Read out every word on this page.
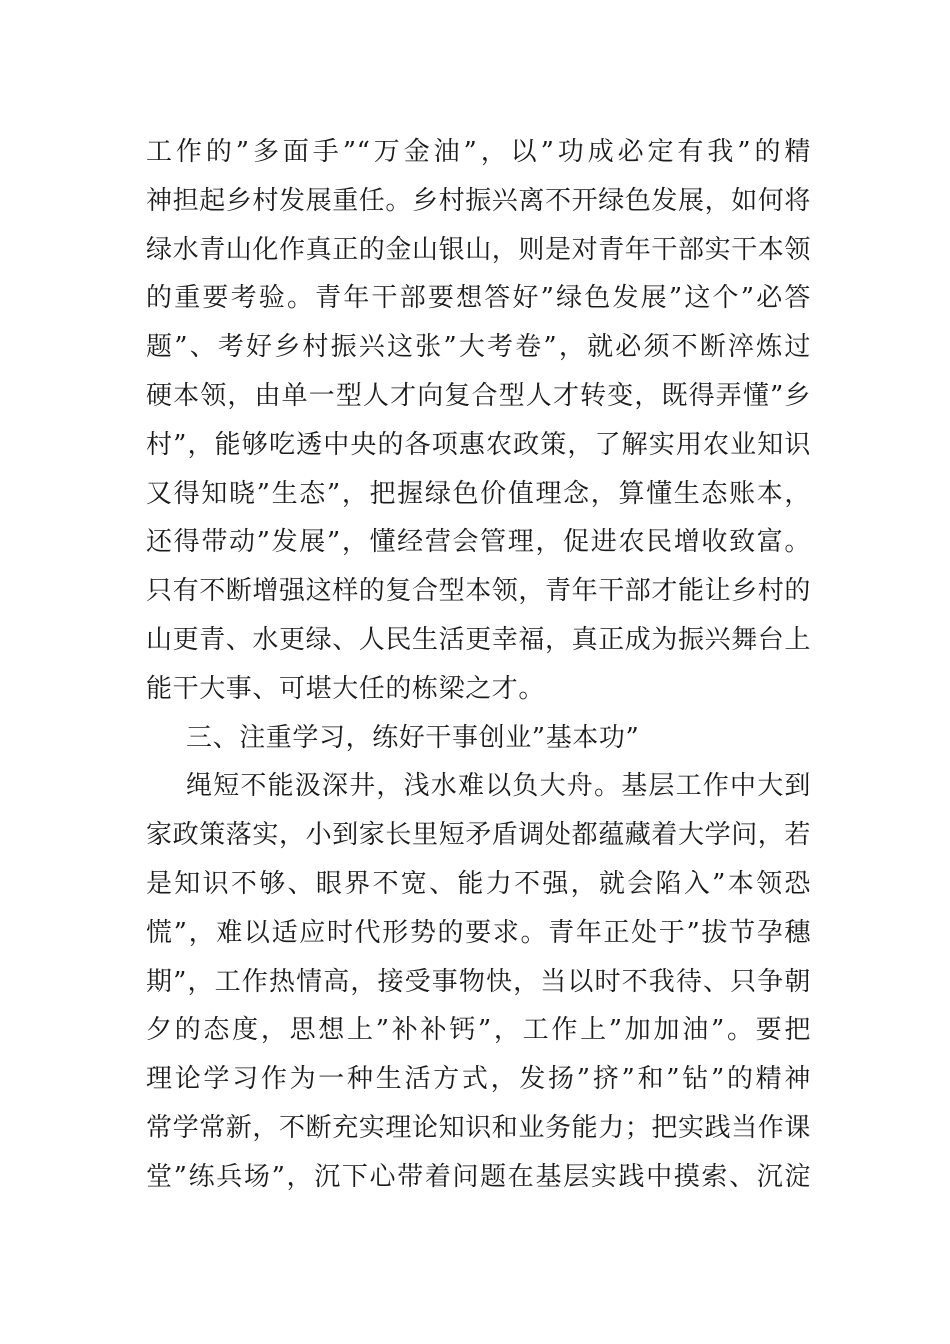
工作的”多面手”“万金油”，以”功成必定有我”的精
神担起乡村发展重任。乡村振兴离不开绿色发展，如何将
绿水青山化作真正的金山银山，则是对青年干部实干本领
的重要考验。青年干部要想答好”绿色发展”这个”必答
题”、考好乡村振兴这张”大考卷”，就必须不断淬炼过
硬本领，由单一型人才向复合型人才转变，既得弄懂”乡
村”，能够吃透中央的各项惠农政策，了解实用农业知识
又得知晓”生态”，把握绿色价值理念，算懂生态账本，
还得带动”发展”，懂经营会管理，促进农民增收致富。
只有不断增强这样的复合型本领，青年干部才能让乡村的
山更青、水更绿、人民生活更幸福，真正成为振兴舞台上
能干大事、可堪大任的栋梁之才。
三、注重学习，练好干事创业”基本功”
绳短不能汲深井，浅水难以负大舟。基层工作中大到
家政策落实，小到家长里短矛盾调处都蕴藏着大学问，若
是知识不够、眼界不宽、能力不强，就会陷入”本领恐
慌”，难以适应时代形势的要求。青年正处于”拔节孕穗
期”，工作热情高，接受事物快，当以时不我待、只争朝
夕的态度，思想上”补补钙”，工作上”加加油”。要把
理论学习作为一种生活方式，发扬”挤”和”钻”的精神
常学常新，不断充实理论知识和业务能力；把实践当作课
堂”练兵场”，沉下心带着问题在基层实践中摸索、沉淀
